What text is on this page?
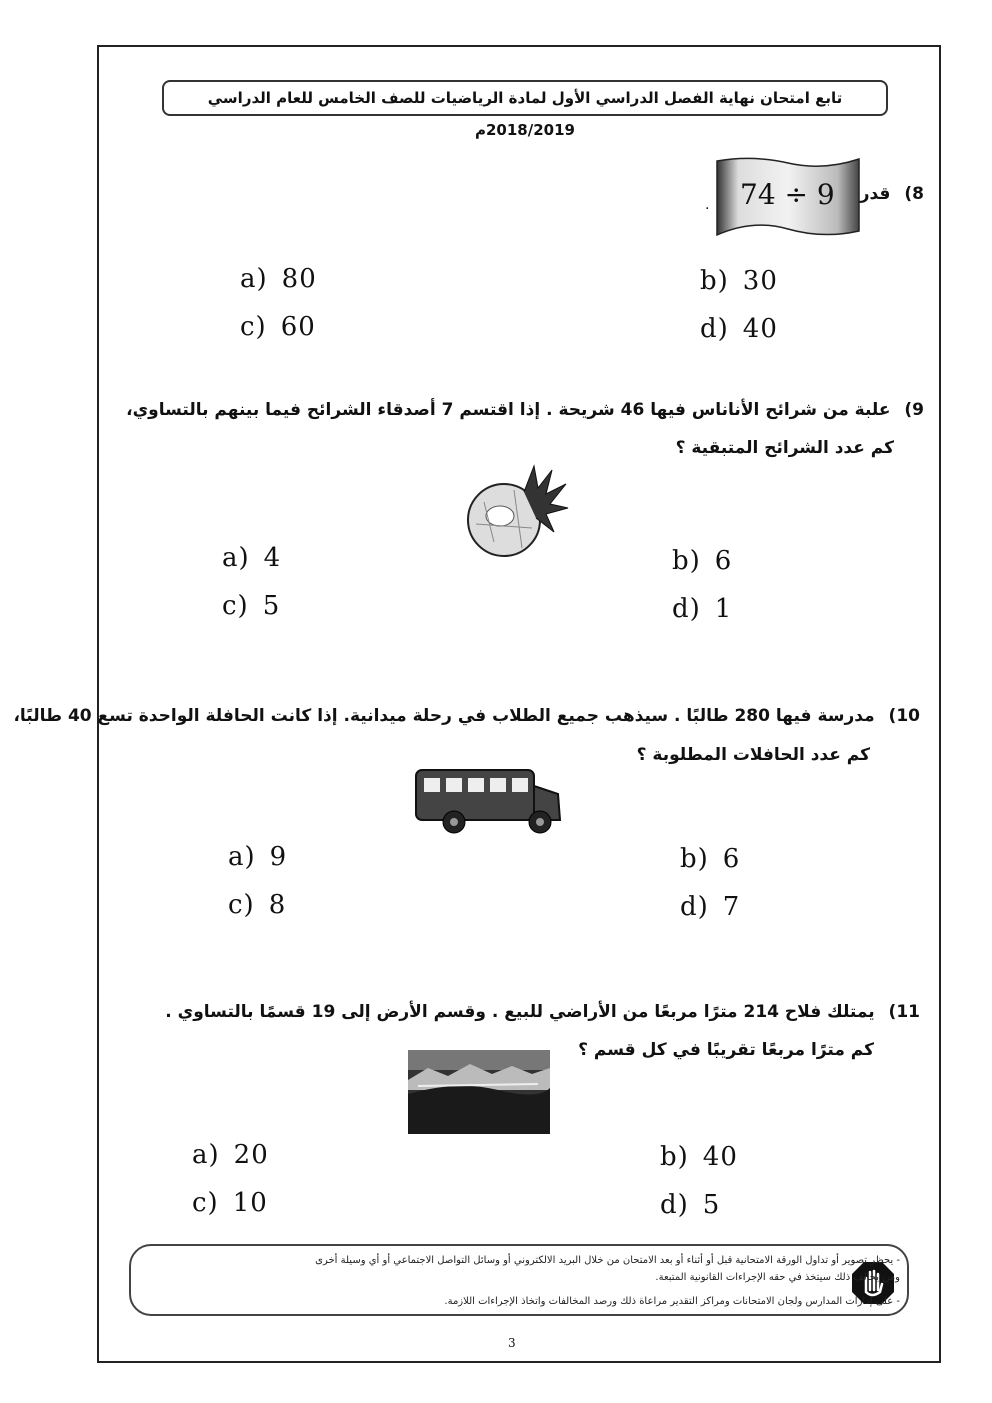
تابع امتحان نهاية الفصل الدراسي الأول لمادة الرياضيات للصف الخامس للعام الدراسي 2018/2019م
8) قدر
74 ÷ 9
.
a) 80	b) 30
c) 60	d) 40
9) علبة من شرائح الأناناس فيها 46 شريحة . إذا اقتسم 7 أصدقاء الشرائح فيما بينهم بالتساوي،
كم عدد الشرائح المتبقية ؟
a) 4	b) 6
c) 5	d) 1
10) مدرسة فيها 280 طالبًا . سيذهب جميع الطلاب في رحلة ميدانية. إذا كانت الحافلة الواحدة تسع 40 طالبًا،
كم عدد الحافلات المطلوبة ؟
a) 9	b) 6
c) 8	d) 7
11) يمتلك فلاح 214 مترًا مربعًا من الأراضي للبيع . وقسم الأرض إلى 19 قسمًا بالتساوي .
كم مترًا مربعًا تقريبًا في كل قسم ؟
a) 20	b) 40
c) 10	d) 5
- يحظر تصوير أو تداول الورقة الامتحانية قبل أو أثناء أو بعد الامتحان من خلال البريد الالكتروني أو وسائل التواصل الاجتماعي أو أي وسيلة أخرى
ومن يخالف ذلك سيتخذ في حقه الإجراءات القانونية المتبعة.
- على إدارات المدارس ولجان الامتحانات ومراكز التقدير مراعاة ذلك ورصد المخالفات واتخاذ الإجراءات اللازمة.
3
